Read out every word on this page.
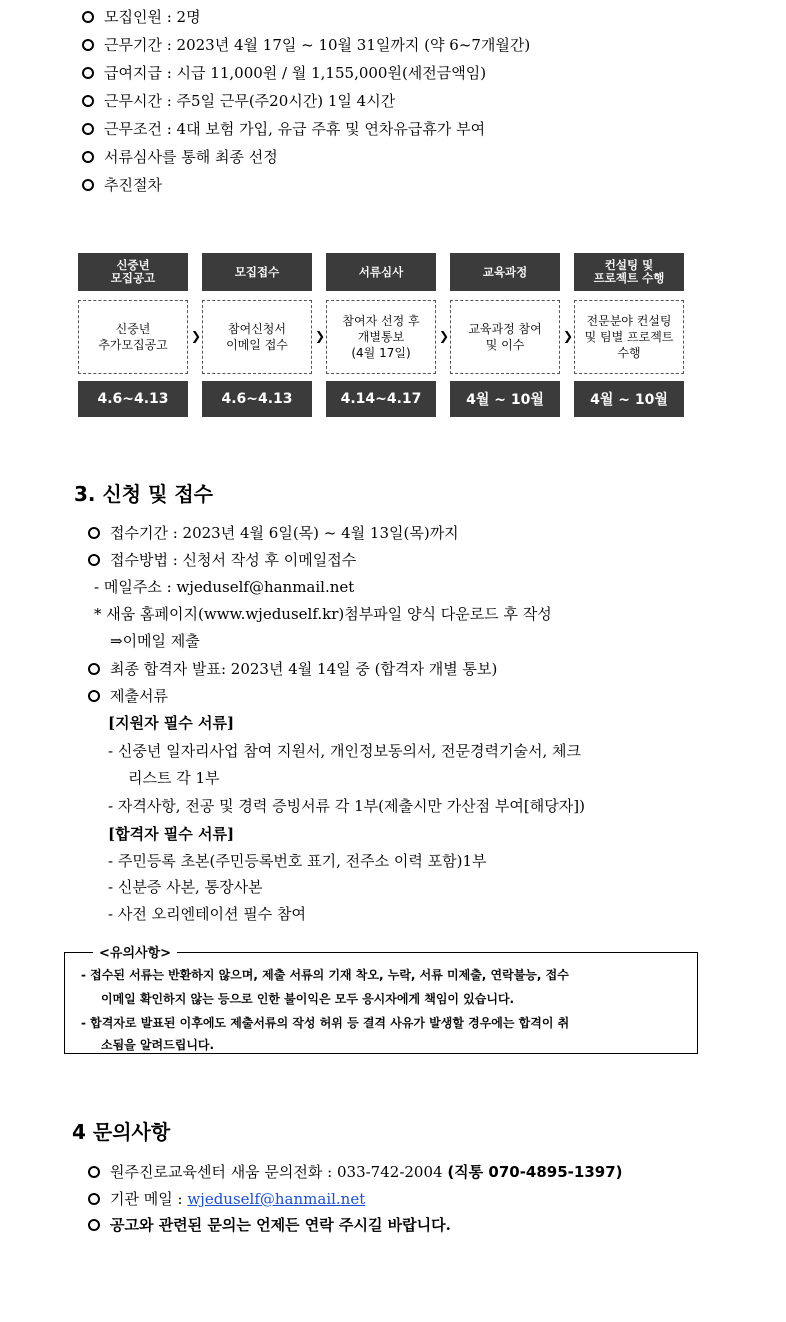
모집인원 : 2명
근무기간 : 2023년 4월 17일 ~ 10월 31일까지 (약 6~7개월간)
급여지급 : 시급 11,000원 / 월 1,155,000원(세전금액임)
근무시간 : 주5일 근무(주20시간) 1일 4시간
근무조건 : 4대 보험 가입, 유급 주휴 및 연차유급휴가 부여
서류심사를 통해 최종 선정
추진절차
신중년
모집공고
신중년
추가모집공고
4.6~4.13
❯
모집접수
참여신청서
이메일 접수
4.6~4.13
❯
서류심사
참여자 선정 후
개별통보
(4월 17일)
4.14~4.17
❯
교육과정
교육과정 참여
및 이수
4월 ~ 10월
❯
컨설팅 및
프로젝트 수행
전문분야 컨설팅
및 팀별 프로젝트
수행
4월 ~ 10월
3. 신청 및 접수
접수기간 : 2023년 4월 6일(목) ~ 4월 13일(목)까지
접수방법 : 신청서 작성 후 이메일접수
- 메일주소 : wjeduself@hanmail.net
* 새움 홈페이지(www.wjeduself.kr)첨부파일 양식 다운로드 후 작성
⇒이메일 제출
최종 합격자 발표: 2023년 4월 14일 중 (합격자 개별 통보)
제출서류
[지원자 필수 서류]
- 신중년 일자리사업 참여 지원서, 개인정보동의서, 전문경력기술서, 체크
리스트 각 1부
- 자격사항, 전공 및 경력 증빙서류 각 1부(제출시만 가산점 부여[해당자])
[합격자 필수 서류]
- 주민등록 초본(주민등록번호 표기, 전주소 이력 포함)1부
- 신분증 사본, 통장사본
- 사전 오리엔테이션 필수 참여
<유의사항>
- 접수된 서류는 반환하지 않으며, 제출 서류의 기재 착오, 누락, 서류 미제출, 연락불능, 접수
이메일 확인하지 않는 등으로 인한 불이익은 모두 응시자에게 책임이 있습니다.
- 합격자로 발표된 이후에도 제출서류의 작성 허위 등 결격 사유가 발생할 경우에는 합격이 취
소됨을 알려드립니다.
4 문의사항
원주진로교육센터 새움 문의전화 : 033-742-2004 (직통 070-4895-1397)
기관 메일 : wjeduself@hanmail.net
공고와 관련된 문의는 언제든 연락 주시길 바랍니다.
